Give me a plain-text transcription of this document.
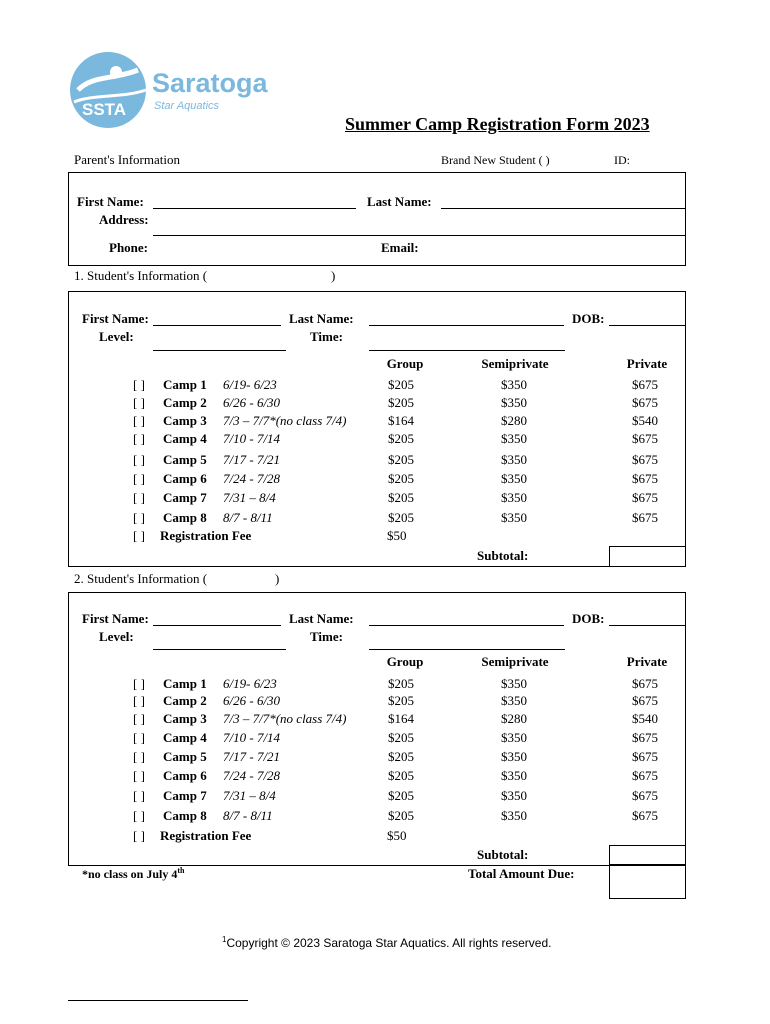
Saratoga
Star Aquatics
SSTA
Summer Camp Registration Form 2023
Parent's Information	Brand New Student ( )	ID:
First Name:	Last Name:
Address:
Phone:	Email:
1. Student's Information (	)
First Name:	Last Name:	DOB:
Level:	Time:
Group	Semiprivate	Private
[ ] Camp 1 6/19- 6/23	$205	$350	$675
[ ] Camp 2 6/26 - 6/30	$205	$350	$675
[ ] Camp 3 7/3 – 7/7*(no class 7/4)	$164	$280	$540
[ ] Camp 4 7/10 - 7/14	$205	$350	$675
[ ] Camp 5 7/17 - 7/21	$205	$350	$675
[ ] Camp 6 7/24 - 7/28	$205	$350	$675
[ ] Camp 7 7/31 – 8/4	$205	$350	$675
[ ] Camp 8 8/7 - 8/11	$205	$350	$675
[ ] Registration Fee	$50
Subtotal:
2. Student's Information (	)
First Name:	Last Name:	DOB:
Level:	Time:
Group	Semiprivate	Private
[ ] Camp 1 6/19- 6/23	$205	$350	$675
[ ] Camp 2 6/26 - 6/30	$205	$350	$675
[ ] Camp 3 7/3 – 7/7*(no class 7/4)	$164	$280	$540
[ ] Camp 4 7/10 - 7/14	$205	$350	$675
[ ] Camp 5 7/17 - 7/21	$205	$350	$675
[ ] Camp 6 7/24 - 7/28	$205	$350	$675
[ ] Camp 7 7/31 – 8/4	$205	$350	$675
[ ] Camp 8 8/7 - 8/11	$205	$350	$675
[ ] Registration Fee	$50
Subtotal:
*no class on July 4th	Total Amount Due:
$^1$Copyright © 2023 Saratoga Star Aquatics. All rights reserved.
